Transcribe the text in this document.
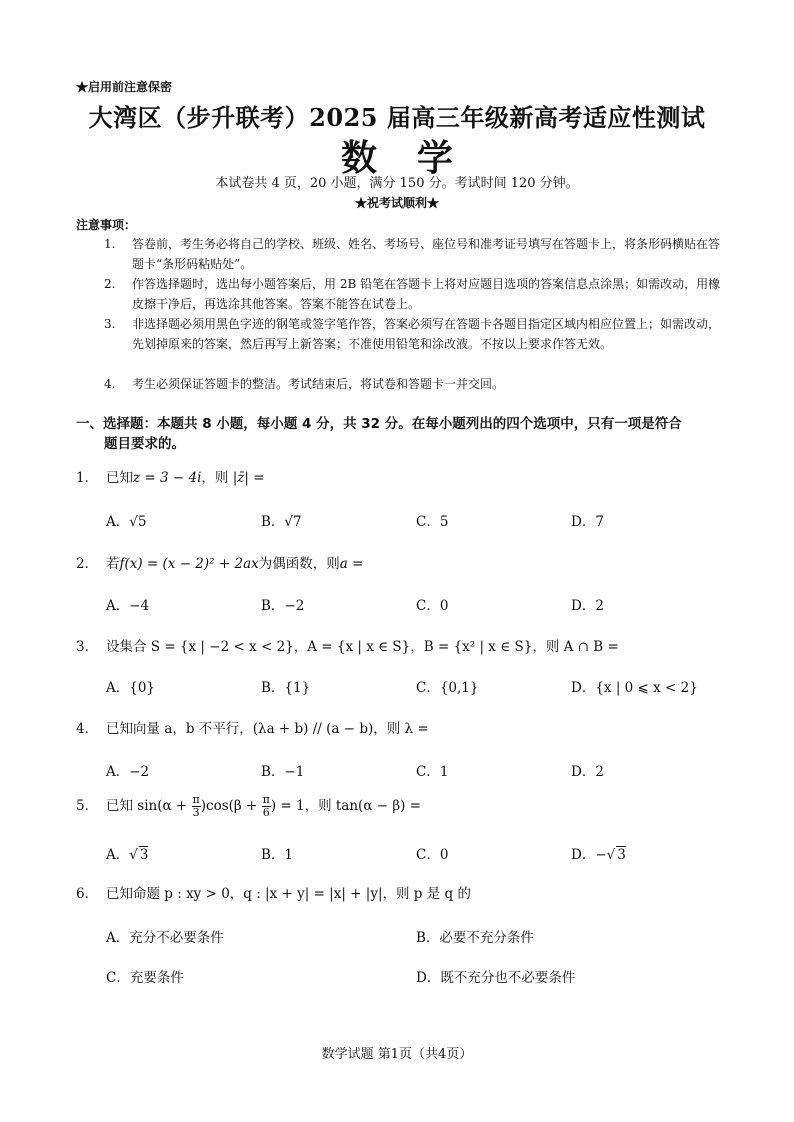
★启用前注意保密
大湾区（步升联考）2025 届高三年级新高考适应性测试
数学
本试卷共 4 页，20 小题，满分 150 分。考试时间 120 分钟。
★祝考试顺利★
注意事项：
1.	答卷前，考生务必将自己的学校、班级、姓名、考场号、座位号和准考证号填写在答题卡上，将条形码横贴在答题卡“条形码粘贴处”。
2.	作答选择题时，选出每小题答案后，用 2B 铅笔在答题卡上将对应题目选项的答案信息点涂黑；如需改动，用橡皮擦干净后，再选涂其他答案。答案不能答在试卷上。
3.	非选择题必须用黑色字迹的钢笔或签字笔作答，答案必须写在答题卡各题目指定区域内相应位置上；如需改动，先划掉原来的答案，然后再写上新答案；不准使用铅笔和涂改液。不按以上要求作答无效。
4.	考生必须保证答题卡的整洁。考试结束后，将试卷和答题卡一并交回。
一、选择题：本题共 8 小题，每小题 4 分，共 32 分。在每小题列出的四个选项中，只有一项是符合
题目要求的。
1． 已知z = 3 − 4i，则 |z̄| =
A．√5	B．√7	C．5	D．7
2． 若f(x) = (x − 2)² + 2ax为偶函数，则a =
A．−4	B．−2	C．0	D．2
3． 设集合 S = {x | −2 < x < 2}，A = {x | x ∈ S}，B = {x² | x ∈ S}，则 A ∩ B =
A．{0}	B．{1}	C．{0,1}	D．{x | 0 ⩽ x < 2}
4． 已知向量 a，b 不平行，(λa + b) // (a − b)，则 λ =
A．−2	B．−1	C．1	D．2
5． 已知 $\sin(\alpha + \frac{\pi}{3} )\cos(\beta + \frac{\pi}{6}$ ) = 1，则 tan(α − β) =
A．√ 3	B．1	C．0	D．−√ 3
6． 已知命题 p : xy > 0，q : |x + y| = |x| + |y|，则 p 是 q 的
A．充分不必要条件	B．必要不充分条件
C．充要条件	D．既不充分也不必要条件
数学试题 第1页（共4页）
